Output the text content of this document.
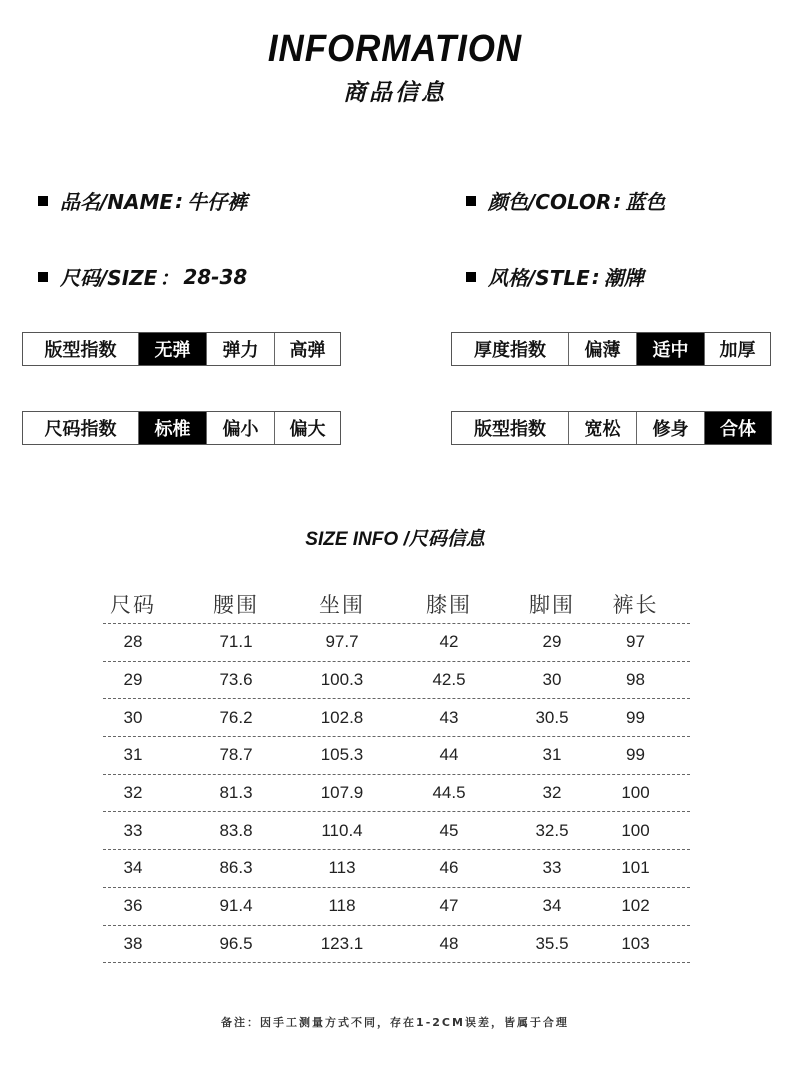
INFORMATION
商品信息
品名/NAME : 牛仔裤	颜色/COLOR : 蓝色
尺码/SIZE ： 28-38	风格/STLE : 潮牌
版型指数	无弹	弹力	高弹	厚度指数	偏薄	适中	加厚
尺码指数	标椎	偏小	偏大	版型指数	宽松	修身	合体
SIZE INFO /尺码信息
尺码	腰围	坐围	膝围	脚围	裤长
28	71.1	97.7	42	29	97
29	73.6	100.3	42.5	30	98
30	76.2	102.8	43	30.5	99
31	78.7	105.3	44	31	99
32	81.3	107.9	44.5	32	100
33	83.8	110.4	45	32.5	100
34	86.3	113	46	33	101
36	91.4	118	47	34	102
38	96.5	123.1	48	35.5	103
备注：因手工测量方式不同，存在1-2CM误差，皆属于合理
